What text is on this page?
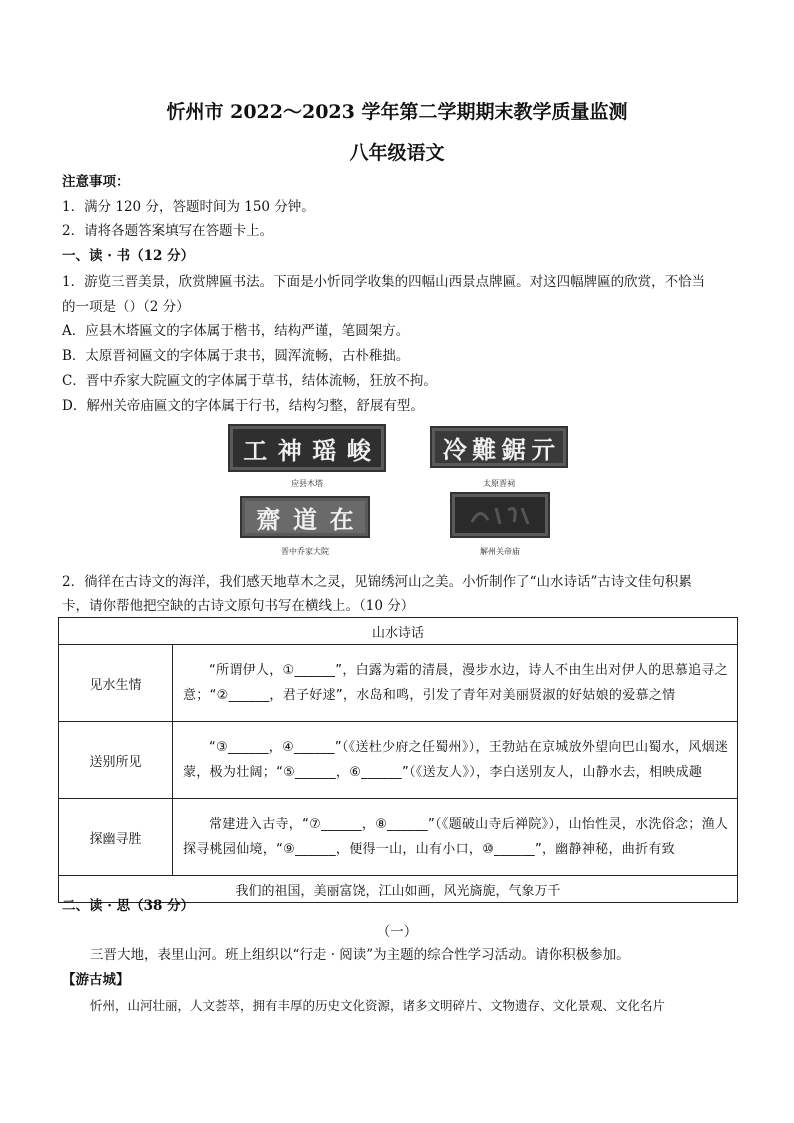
忻州市 2022～2023 学年第二学期期末教学质量监测
八年级语文
注意事项：
1．满分 120 分，答题时间为 150 分钟。
2．请将各题答案填写在答题卡上。
一、读 · 书（12 分）
1．游览三晋美景，欣赏牌匾书法。下面是小忻同学收集的四幅山西景点牌匾。对这四幅牌匾的欣赏，不恰当
的一项是（）（2 分）
A．应县木塔匾文的字体属于楷书，结构严谨，笔圆架方。
B．太原晋祠匾文的字体属于隶书，圆浑流畅，古朴稚拙。
C．晋中乔家大院匾文的字体属于草书，结体流畅，狂放不拘。
D．解州关帝庙匾文的字体属于行书，结构匀整，舒展有型。
工 神 瑶 峻
应县木塔
冷 難 鋸 亓
太原晋祠
齋 道 在
晋中乔家大院	解州关帝庙
2．徜徉在古诗文的海洋，我们感天地草木之灵，见锦绣河山之美。小忻制作了“山水诗话”古诗文佳句积累
卡，请你帮他把空缺的古诗文原句书写在横线上。（10 分）
山水诗话	
见水生情	“所谓伊人，①______”，白露为霜的清晨，漫步水边，诗人不由生出对伊人的思慕追寻之意；“②______，君子好逑”，水岛和鸣，引发了青年对美丽贤淑的好姑娘的爱慕之情
送别所见	“③______，④______”（《送杜少府之任蜀州》），王勃站在京城放外望向巴山蜀水，风烟迷蒙，极为壮阔；“⑤______，⑥______”（《送友人》），李白送别友人，山静水去，相映成趣
探幽寻胜	常建进入古寺，“⑦______，⑧______”（《题破山寺后禅院》），山怡性灵，水洗俗念；渔人探寻桃园仙境，“⑨______，便得一山，山有小口，⑩______”，幽静神秘，曲折有致
我们的祖国，美丽富饶，江山如画，风光旖旎，气象万千	
二、读 · 思（38 分）
（一）
三晋大地，表里山河。班上组织以“行走 · 阅读”为主题的综合性学习活动。请你积极参加。
【游古城】
忻州，山河壮丽，人文荟萃，拥有丰厚的历史文化资源，诸多文明碎片、文物遗存、文化景观、文化名片
